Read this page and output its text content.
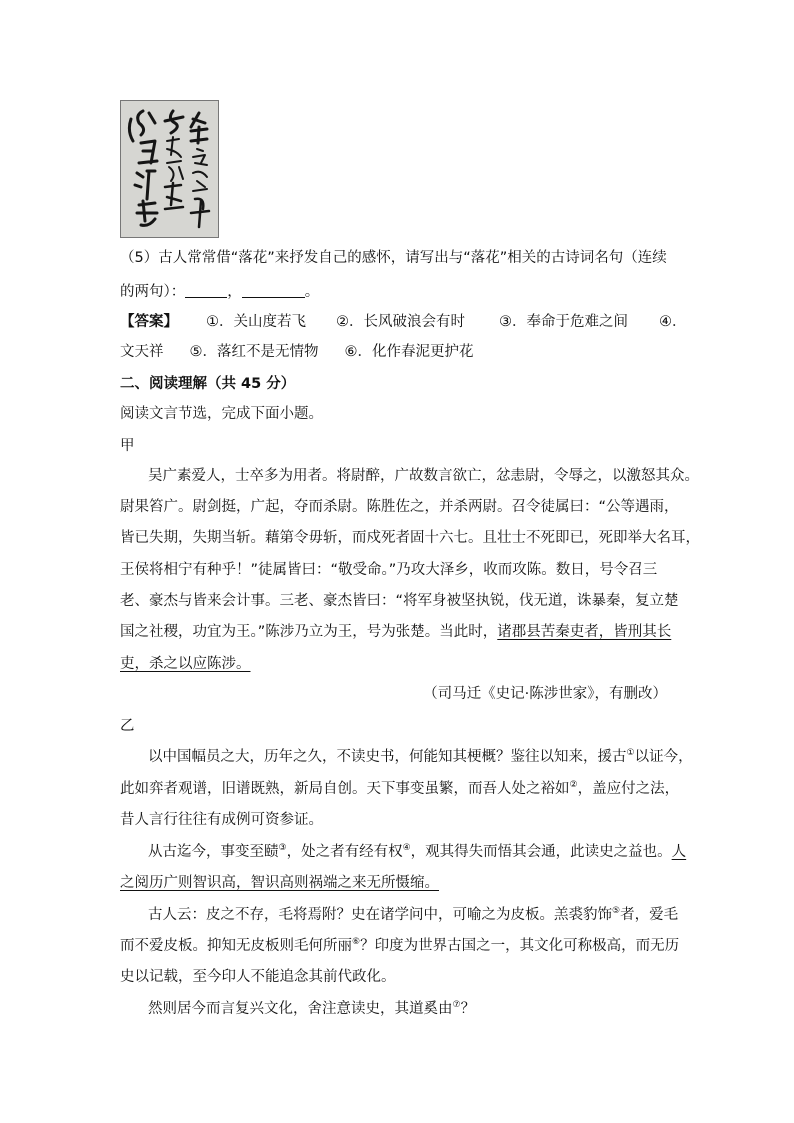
（5）古人常常借“落花”来抒发自己的感怀，请写出与“落花”相关的古诗词名句（连续
的两句）：	，	。
【答案】 ①．关山度若飞 ②．长风破浪会有时 ③．奉命于危难之间 ④．
文天祥 ⑤．落红不是无情物 ⑥．化作春泥更护花
二、阅读理解（共 45 分）
阅读文言节选，完成下面小题。
甲
吴广素爱人，士卒多为用者。将尉醉，广故数言欲亡，忿恚尉，令辱之，以激怒其众。
尉果笞广。尉剑挺，广起，夺而杀尉。陈胜佐之，并杀两尉。召令徒属曰：“公等遇雨，
皆已失期，失期当斩。藉第令毋斩，而戍死者固十六七。且壮士不死即已，死即举大名耳，
王侯将相宁有种乎！”徒属皆曰：“敬受命。”乃攻大泽乡，收而攻陈。数日，号令召三
老、豪杰与皆来会计事。三老、豪杰皆曰：“将军身被坚执锐，伐无道，诛暴秦，复立楚
国之社稷，功宜为王。”陈涉乃立为王，号为张楚。当此时，诸郡县苦秦吏者，皆刑其长
吏，杀之以应陈涉。
（司马迁《史记·陈涉世家》，有删改）
乙
以中国幅员之大，历年之久，不读史书，何能知其梗概？鉴往以知来，援古①以证今，
此如弈者观谱，旧谱既熟，新局自创。天下事变虽繁，而吾人处之裕如②，盖应付之法，
昔人言行往往有成例可资参证。
从古迄今，事变至赜③，处之者有经有权④，观其得失而悟其会通，此读史之益也。人
之阅历广则智识高，智识高则祸端之来无所慑缩。
古人云：皮之不存，毛将焉附？史在诸学问中，可喻之为皮板。羔裘豹饰⑤者，爱毛
而不爱皮板。抑知无皮板则毛何所丽⑥？印度为世界古国之一，其文化可称极高，而无历
史以记载，至今印人不能追念其前代政化。
然则居今而言复兴文化，舍注意读史，其道奚由⑦？
